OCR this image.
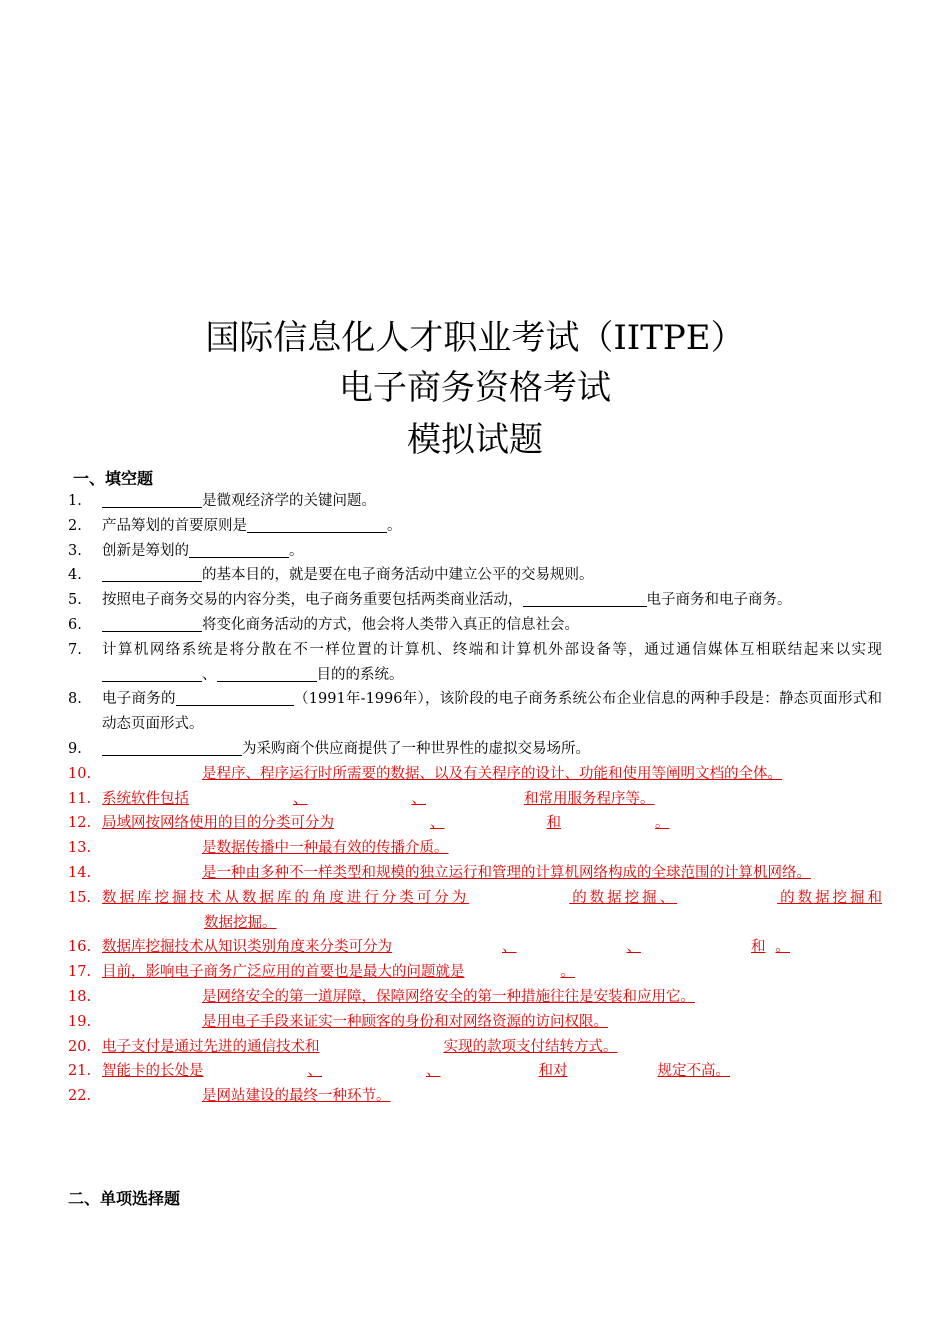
国际信息化人才职业考试（IITPE）
电子商务资格考试
模拟试题
一、填空题
1.	是微观经济学的关键问题。
2.	产品筹划的首要原则是	。
3.	创新是筹划的	。
4.	的基本目的，就是要在电子商务活动中建立公平的交易规则。
5.	按照电子商务交易的内容分类，电子商务重要包括两类商业活动，	电子商务和电子商务。
6.	将变化商务活动的方式，他会将人类带入真正的信息社会。
7.	计算机网络系统是将分散在不一样位置的计算机、终端和计算机外部设备等，通过通信媒体互相联结起来以实现、	目的的系统。
8.	电子商务的	（1991年-1996年），该阶段的电子商务系统公布企业信息的两种手段是：静态页面形式和动态页面形式。
9.	为采购商个供应商提供了一种世界性的虚拟交易场所。
10.	是程序、程序运行时所需要的数据、以及有关程序的设计、功能和使用等阐明文档的全体。
11. 系统软件包括	、	、	和常用服务程序等。
12. 局域网按网络使用的目的分类可分为	、	和	。
13.	是数据传播中一种最有效的传播介质。
14.	是一种由多种不一样类型和规模的独立运行和管理的计算机网络构成的全球范围的计算机网络。
15. 数据库挖掘技术从数据库的角度进行分类可分为	的数据挖掘、	的数据挖掘和数据挖掘。
16. 数据库挖掘技术从知识类别角度来分类可分为	、	、	和 。
17. 目前，影响电子商务广泛应用的首要也是最大的问题就是	。
18.	是网络安全的第一道屏障，保障网络安全的第一种措施往往是安装和应用它。
19.	是用电子手段来证实一种顾客的身份和对网络资源的访问权限。
20. 电子支付是通过先进的通信技术和	实现的款项支付结转方式。
21. 智能卡的长处是	、	、	和对	规定不高。
22.	是网站建设的最终一种环节。
二、单项选择题
